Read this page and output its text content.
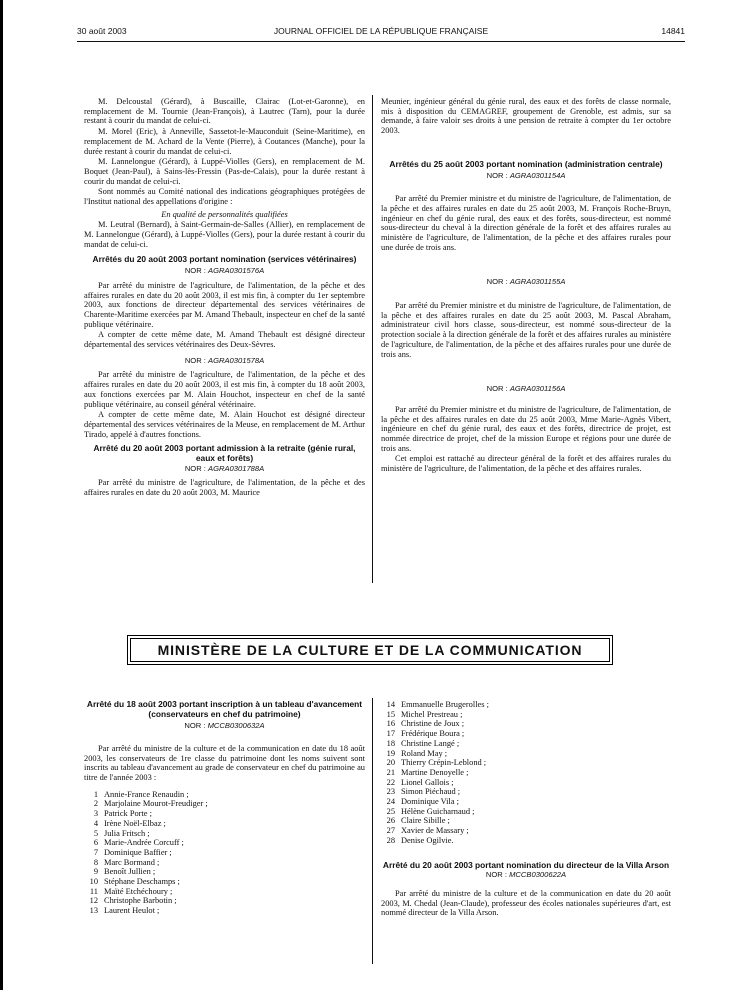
30 août 2003	JOURNAL OFFICIEL DE LA RÉPUBLIQUE FRANÇAISE	14841

M. Delcoustal (Gérard), à Buscaille, Clairac (Lot-et-Garonne), en remplacement de M. Tournie (Jean-François), à Lautrec (Tarn), pour la durée restant à courir du mandat de celui-ci.

M. Morel (Eric), à Anneville, Sassetot-le-Mauconduit (Seine-Maritime), en remplacement de M. Achard de la Vente (Pierre), à Coutances (Manche), pour la durée restant à courir du mandat de celui-ci.

M. Lannelongue (Gérard), à Luppé-Violles (Gers), en remplacement de M. Boquet (Jean-Paul), à Sains-lès-Fressin (Pas-de-Calais), pour la durée restant à courir du mandat de celui-ci.

Sont nommés au Comité national des indications géographiques protégées de l'Institut national des appellations d'origine :

En qualité de personnalités qualifiées

M. Leutral (Bernard), à Saint-Germain-de-Salles (Allier), en remplacement de M. Lannelongue (Gérard), à Luppé-Violles (Gers), pour la durée restant à courir du mandat de celui-ci.

Arrêtés du 20 août 2003 portant nomination (services vétérinaires)

NOR : AGRA0301576A

Par arrêté du ministre de l'agriculture, de l'alimentation, de la pêche et des affaires rurales en date du 20 août 2003, il est mis fin, à compter du 1er septembre 2003, aux fonctions de directeur départemental des services vétérinaires de Charente-Maritime exercées par M. Amand Thebault, inspecteur en chef de la santé publique vétérinaire.

A compter de cette même date, M. Amand Thebault est désigné directeur départemental des services vétérinaires des Deux-Sèvres.

NOR : AGRA0301578A

Par arrêté du ministre de l'agriculture, de l'alimentation, de la pêche et des affaires rurales en date du 20 août 2003, il est mis fin, à compter du 18 août 2003, aux fonctions exercées par M. Alain Houchot, inspecteur en chef de la santé publique vétérinaire, au conseil général vétérinaire.

A compter de cette même date, M. Alain Houchot est désigné directeur départemental des services vétérinaires de la Meuse, en remplacement de M. Arthur Tirado, appelé à d'autres fonctions.

Arrêté du 20 août 2003 portant admission à la retraite (génie rural, eaux et forêts)

NOR : AGRA0301788A

Par arrêté du ministre de l'agriculture, de l'alimentation, de la pêche et des affaires rurales en date du 20 août 2003, M. Maurice

Meunier, ingénieur général du génie rural, des eaux et des forêts de classe normale, mis à disposition du CEMAGREF, groupement de Grenoble, est admis, sur sa demande, à faire valoir ses droits à une pension de retraite à compter du 1er octobre 2003.

Arrêtés du 25 août 2003 portant nomination (administration centrale)

NOR : AGRA0301154A

Par arrêté du Premier ministre et du ministre de l'agriculture, de l'alimentation, de la pêche et des affaires rurales en date du 25 août 2003, M. François Roche-Bruyn, ingénieur en chef du génie rural, des eaux et des forêts, sous-directeur, est nommé sous-directeur du cheval à la direction générale de la forêt et des affaires rurales au ministère de l'agriculture, de l'alimentation, de la pêche et des affaires rurales pour une durée de trois ans.

NOR : AGRA0301155A

Par arrêté du Premier ministre et du ministre de l'agriculture, de l'alimentation, de la pêche et des affaires rurales en date du 25 août 2003, M. Pascal Abraham, administrateur civil hors classe, sous-directeur, est nommé sous-directeur de la protection sociale à la direction générale de la forêt et des affaires rurales au ministère de l'agriculture, de l'alimentation, de la pêche et des affaires rurales pour une durée de trois ans.

NOR : AGRA0301156A

Par arrêté du Premier ministre et du ministre de l'agriculture, de l'alimentation, de la pêche et des affaires rurales en date du 25 août 2003, Mme Marie-Agnès Vibert, ingénieure en chef du génie rural, des eaux et des forêts, directrice de projet, est nommée directrice de projet, chef de la mission Europe et régions pour une durée de trois ans.

Cet emploi est rattaché au directeur général de la forêt et des affaires rurales du ministère de l'agriculture, de l'alimentation, de la pêche et des affaires rurales.

MINISTÈRE DE LA CULTURE ET DE LA COMMUNICATION

Arrêté du 18 août 2003 portant inscription à un tableau d'avancement (conservateurs en chef du patrimoine)

NOR : MCCB0300632A

Par arrêté du ministre de la culture et de la communication en date du 18 août 2003, les conservateurs de 1re classe du patrimoine dont les noms suivent sont inscrits au tableau d'avancement au grade de conservateur en chef du patrimoine au titre de l'année 2003 :

1 Annie-France Renaudin ;
2 Marjolaine Mourot-Freudiger ;
3 Patrick Porte ;
4 Irène Noël-Elbaz ;
5 Julia Fritsch ;
6 Marie-Andrée Corcuff ;
7 Dominique Baffier ;
8 Marc Bormand ;
9 Benoît Jullien ;
10 Stéphane Deschamps ;
11 Maïté Etchéchoury ;
12 Christophe Barbotin ;
13 Laurent Heulot ;
14 Emmanuelle Brugerolles ;
15 Michel Prestreau ;
16 Christine de Joux ;
17 Frédérique Boura ;
18 Christine Langé ;
19 Roland May ;
20 Thierry Crépin-Leblond ;
21 Martine Denoyelle ;
22 Lionel Gallois ;
23 Simon Piéchaud ;
24 Dominique Vila ;
25 Hélène Guicharnaud ;
26 Claire Sibille ;
27 Xavier de Massary ;
28 Denise Ogilvie.

Arrêté du 20 août 2003 portant nomination du directeur de la Villa Arson

NOR : MCCB0300622A

Par arrêté du ministre de la culture et de la communication en date du 20 août 2003, M. Chedal (Jean-Claude), professeur des écoles nationales supérieures d'art, est nommé directeur de la Villa Arson.
